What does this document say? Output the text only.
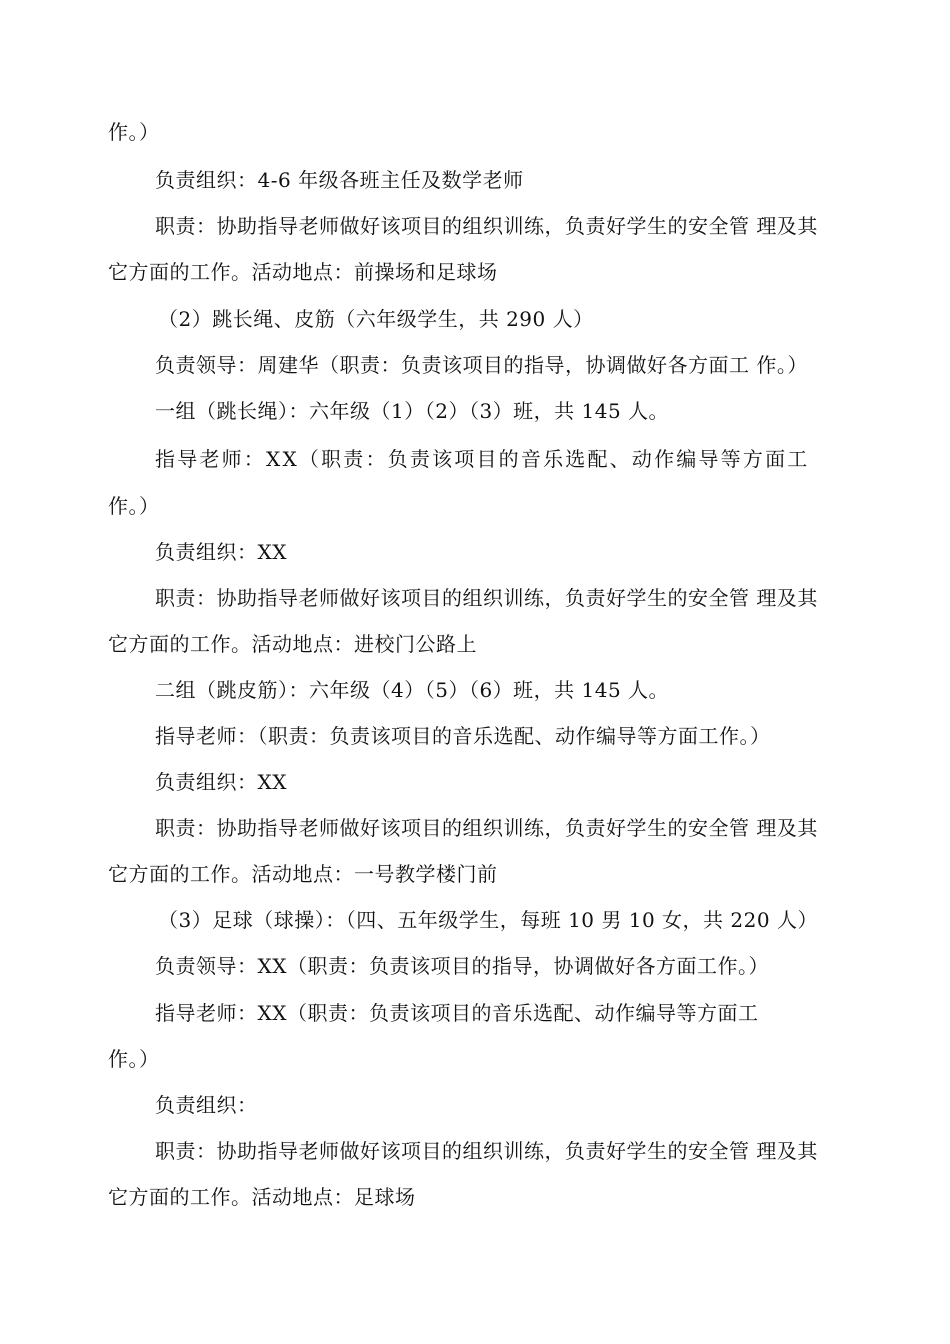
作。）
负责组织：4-6 年级各班主任及数学老师
职责：协助指导老师做好该项目的组织训练，负责好学生的安全管 理及其
它方面的工作。活动地点：前操场和足球场
（2）跳长绳、皮筋（六年级学生，共 290 人）
负责领导：周建华（职责：负责该项目的指导，协调做好各方面工 作。）
一组（跳长绳）：六年级（1）（2）（3）班，共 145 人。
指导老师：XX（职责：负责该项目的音乐选配、动作编导等方面工
作。）
负责组织：XX
职责：协助指导老师做好该项目的组织训练，负责好学生的安全管 理及其
它方面的工作。活动地点：进校门公路上
二组（跳皮筋）：六年级（4）（5）（6）班，共 145 人。
指导老师：（职责：负责该项目的音乐选配、动作编导等方面工作。）
负责组织：XX
职责：协助指导老师做好该项目的组织训练，负责好学生的安全管 理及其
它方面的工作。活动地点：一号教学楼门前
（3）足球（球操）：（四、五年级学生，每班 10 男 10 女，共 220 人）
负责领导：XX（职责：负责该项目的指导，协调做好各方面工作。）
指导老师：XX（职责：负责该项目的音乐选配、动作编导等方面工
作。）
负责组织：
职责：协助指导老师做好该项目的组织训练，负责好学生的安全管 理及其
它方面的工作。活动地点：足球场
